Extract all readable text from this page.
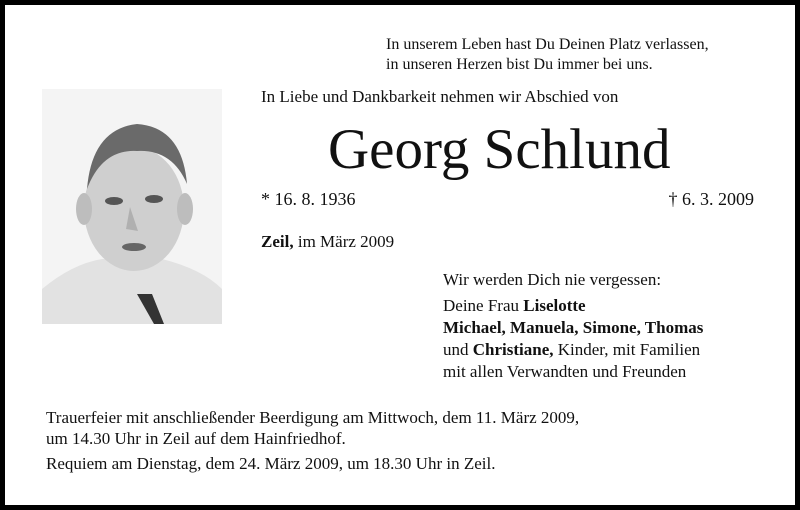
In unserem Leben hast Du Deinen Platz verlassen,
in unseren Herzen bist Du immer bei uns.
In Liebe und Dankbarkeit nehmen wir Abschied von
Georg Schlund
* 16. 8. 1936	† 6. 3. 2009
Zeil, im März 2009
Wir werden Dich nie vergessen:
Deine Frau Liselotte
Michael, Manuela, Simone, Thomas
und Christiane, Kinder, mit Familien
mit allen Verwandten und Freunden
Trauerfeier mit anschließender Beerdigung am Mittwoch, dem 11. März 2009,
um 14.30 Uhr in Zeil auf dem Hainfriedhof.
Requiem am Dienstag, dem 24. März 2009, um 18.30 Uhr in Zeil.
